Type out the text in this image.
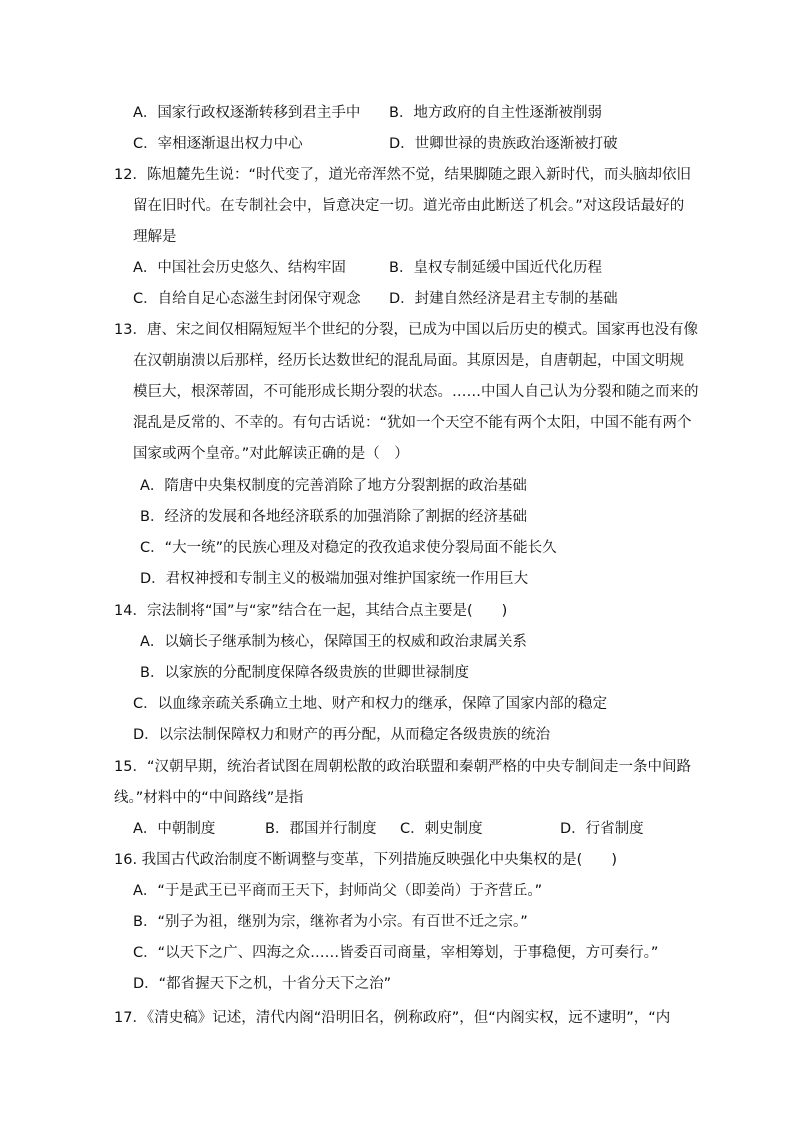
A．国家行政权逐渐转移到君主手中 B．地方政府的自主性逐渐被削弱
C．宰相逐渐退出权力中心	D．世卿世禄的贵族政治逐渐被打破
12．陈旭麓先生说：“时代变了，道光帝浑然不觉，结果脚随之跟入新时代，而头脑却依旧
留在旧时代。在专制社会中，旨意决定一切。道光帝由此断送了机会。”对这段话最好的
理解是
A．中国社会历史悠久、结构牢固	B．皇权专制延缓中国近代化历程
C．自给自足心态滋生封闭保守观念 D．封建自然经济是君主专制的基础
13．唐、宋之间仅相隔短短半个世纪的分裂，已成为中国以后历史的模式。国家再也没有像
在汉朝崩溃以后那样，经历长达数世纪的混乱局面。其原因是，自唐朝起，中国文明规
模巨大，根深蒂固，不可能形成长期分裂的状态。……中国人自己认为分裂和随之而来的
混乱是反常的、不幸的。有句古话说：“犹如一个天空不能有两个太阳，中国不能有两个
国家或两个皇帝。”对此解读正确的是（　）
A．隋唐中央集权制度的完善消除了地方分裂割据的政治基础
B．经济的发展和各地经济联系的加强消除了割据的经济基础
C．“大一统”的民族心理及对稳定的孜孜追求使分裂局面不能长久
D．君权神授和专制主义的极端加强对维护国家统一作用巨大
14．宗法制将“国”与“家”结合在一起，其结合点主要是(　　)
A．以嫡长子继承制为核心，保障国王的权威和政治隶属关系
B．以家族的分配制度保障各级贵族的世卿世禄制度
C．以血缘亲疏关系确立土地、财产和权力的继承，保障了国家内部的稳定
D．以宗法制保障权力和财产的再分配，从而稳定各级贵族的统治
15．“汉朝早期，统治者试图在周朝松散的政治联盟和秦朝严格的中央专制间走一条中间路
线。”材料中的“中间路线”是指
A．中朝制度	B．郡国并行制度 C．刺史制度	D．行省制度
16. 我国古代政治制度不断调整与变革，下列措施反映强化中央集权的是(　　)
A．“于是武王已平商而王天下，封师尚父（即姜尚）于齐营丘。”
B．“别子为祖，继别为宗，继祢者为小宗。有百世不迁之宗。”
C．“以天下之广、四海之众……皆委百司商量，宰相筹划，于事稳便，方可奏行。”
D．“都省握天下之机，十省分天下之治”
17．《清史稿》记述，清代内阁“沿明旧名，例称政府”，但“内阁实权，远不逮明”，“内
